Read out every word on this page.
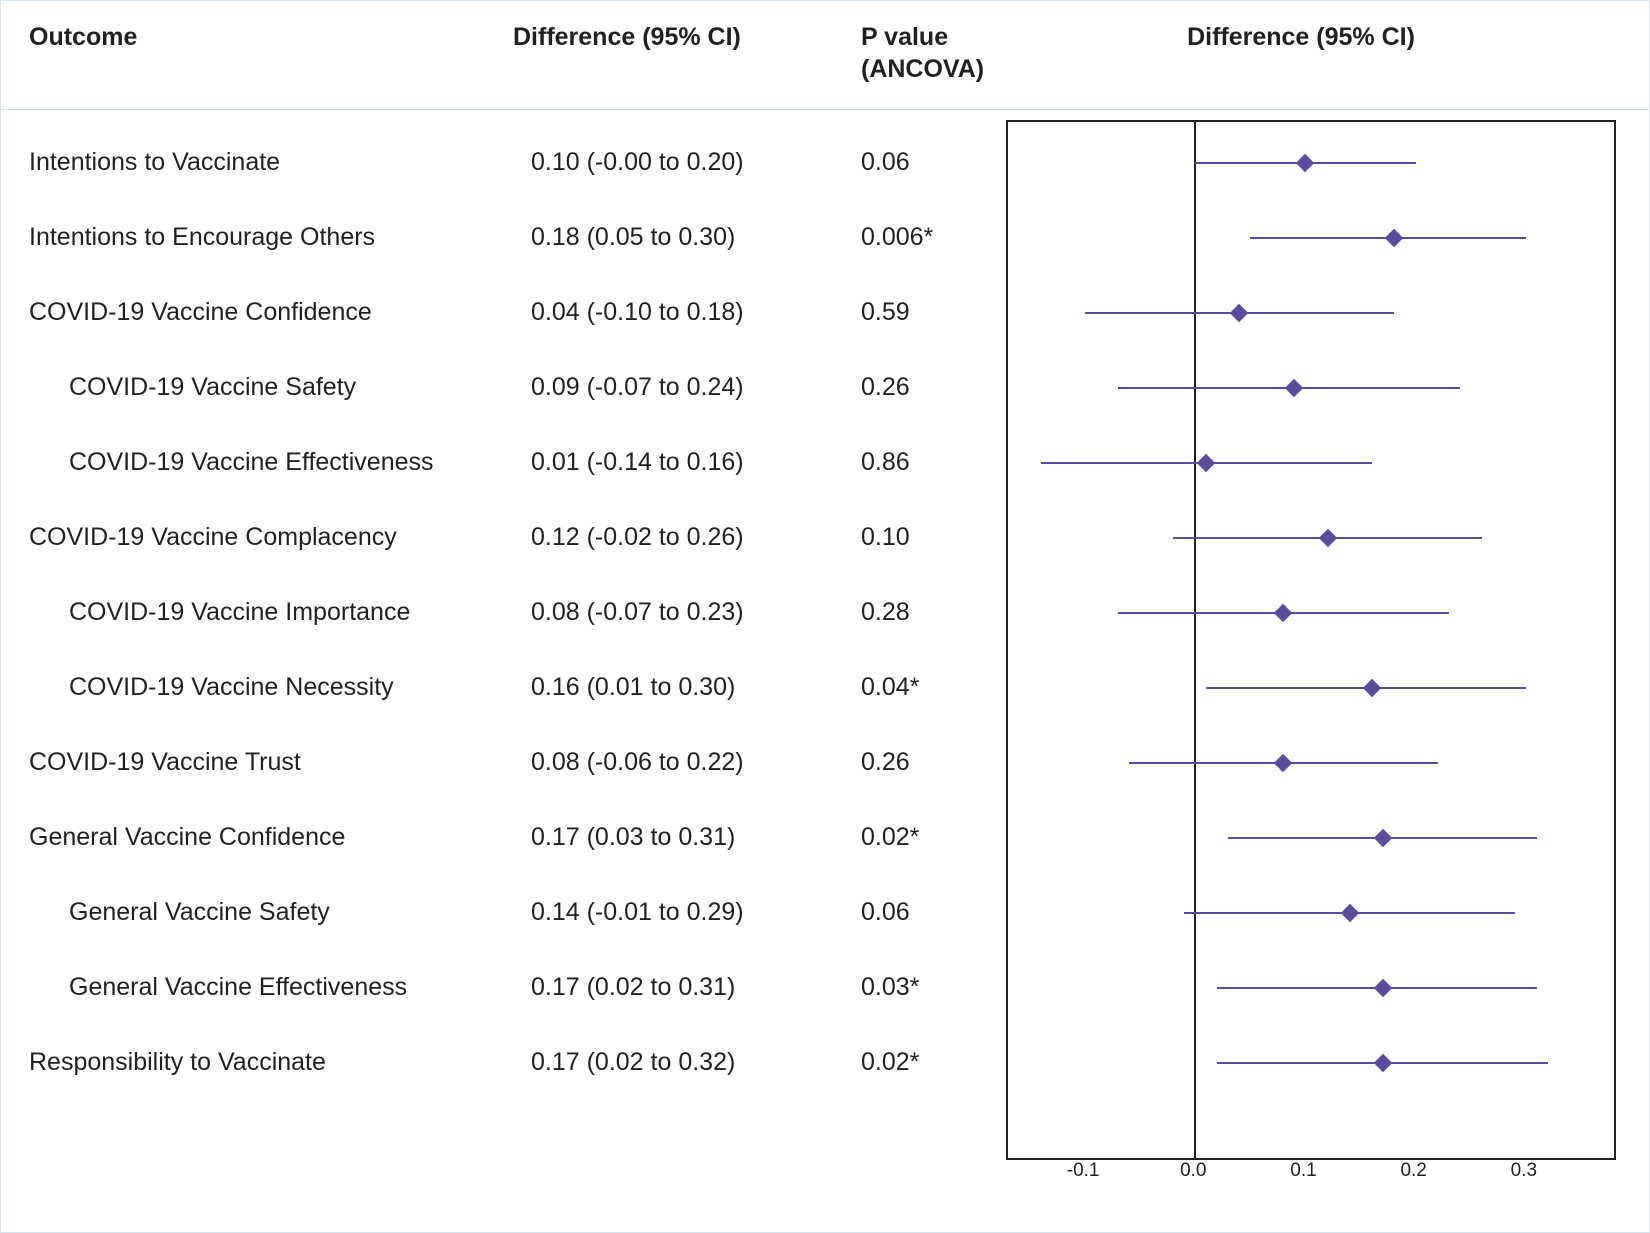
Outcome	Difference (95% CI)	P value
(ANCOVA)
Difference (95% CI)
Intentions to Vaccinate	0.10 (-0.00 to 0.20)	0.06
Intentions to Encourage Others	0.18 (0.05 to 0.30)	0.006*
COVID-19 Vaccine Confidence	0.04 (-0.10 to 0.18)	0.59
COVID-19 Vaccine Safety	0.09 (-0.07 to 0.24)	0.26
COVID-19 Vaccine Effectiveness	0.01 (-0.14 to 0.16)	0.86
COVID-19 Vaccine Complacency	0.12 (-0.02 to 0.26)	0.10
COVID-19 Vaccine Importance	0.08 (-0.07 to 0.23)	0.28
COVID-19 Vaccine Necessity	0.16 (0.01 to 0.30)	0.04*
COVID-19 Vaccine Trust	0.08 (-0.06 to 0.22)	0.26
General Vaccine Confidence	0.17 (0.03 to 0.31)	0.02*
General Vaccine Safety	0.14 (-0.01 to 0.29)	0.06
General Vaccine Effectiveness	0.17 (0.02 to 0.31)	0.03*
Responsibility to Vaccinate	0.17 (0.02 to 0.32)	0.02*
-0.1	0.0	0.1	0.2	0.3
